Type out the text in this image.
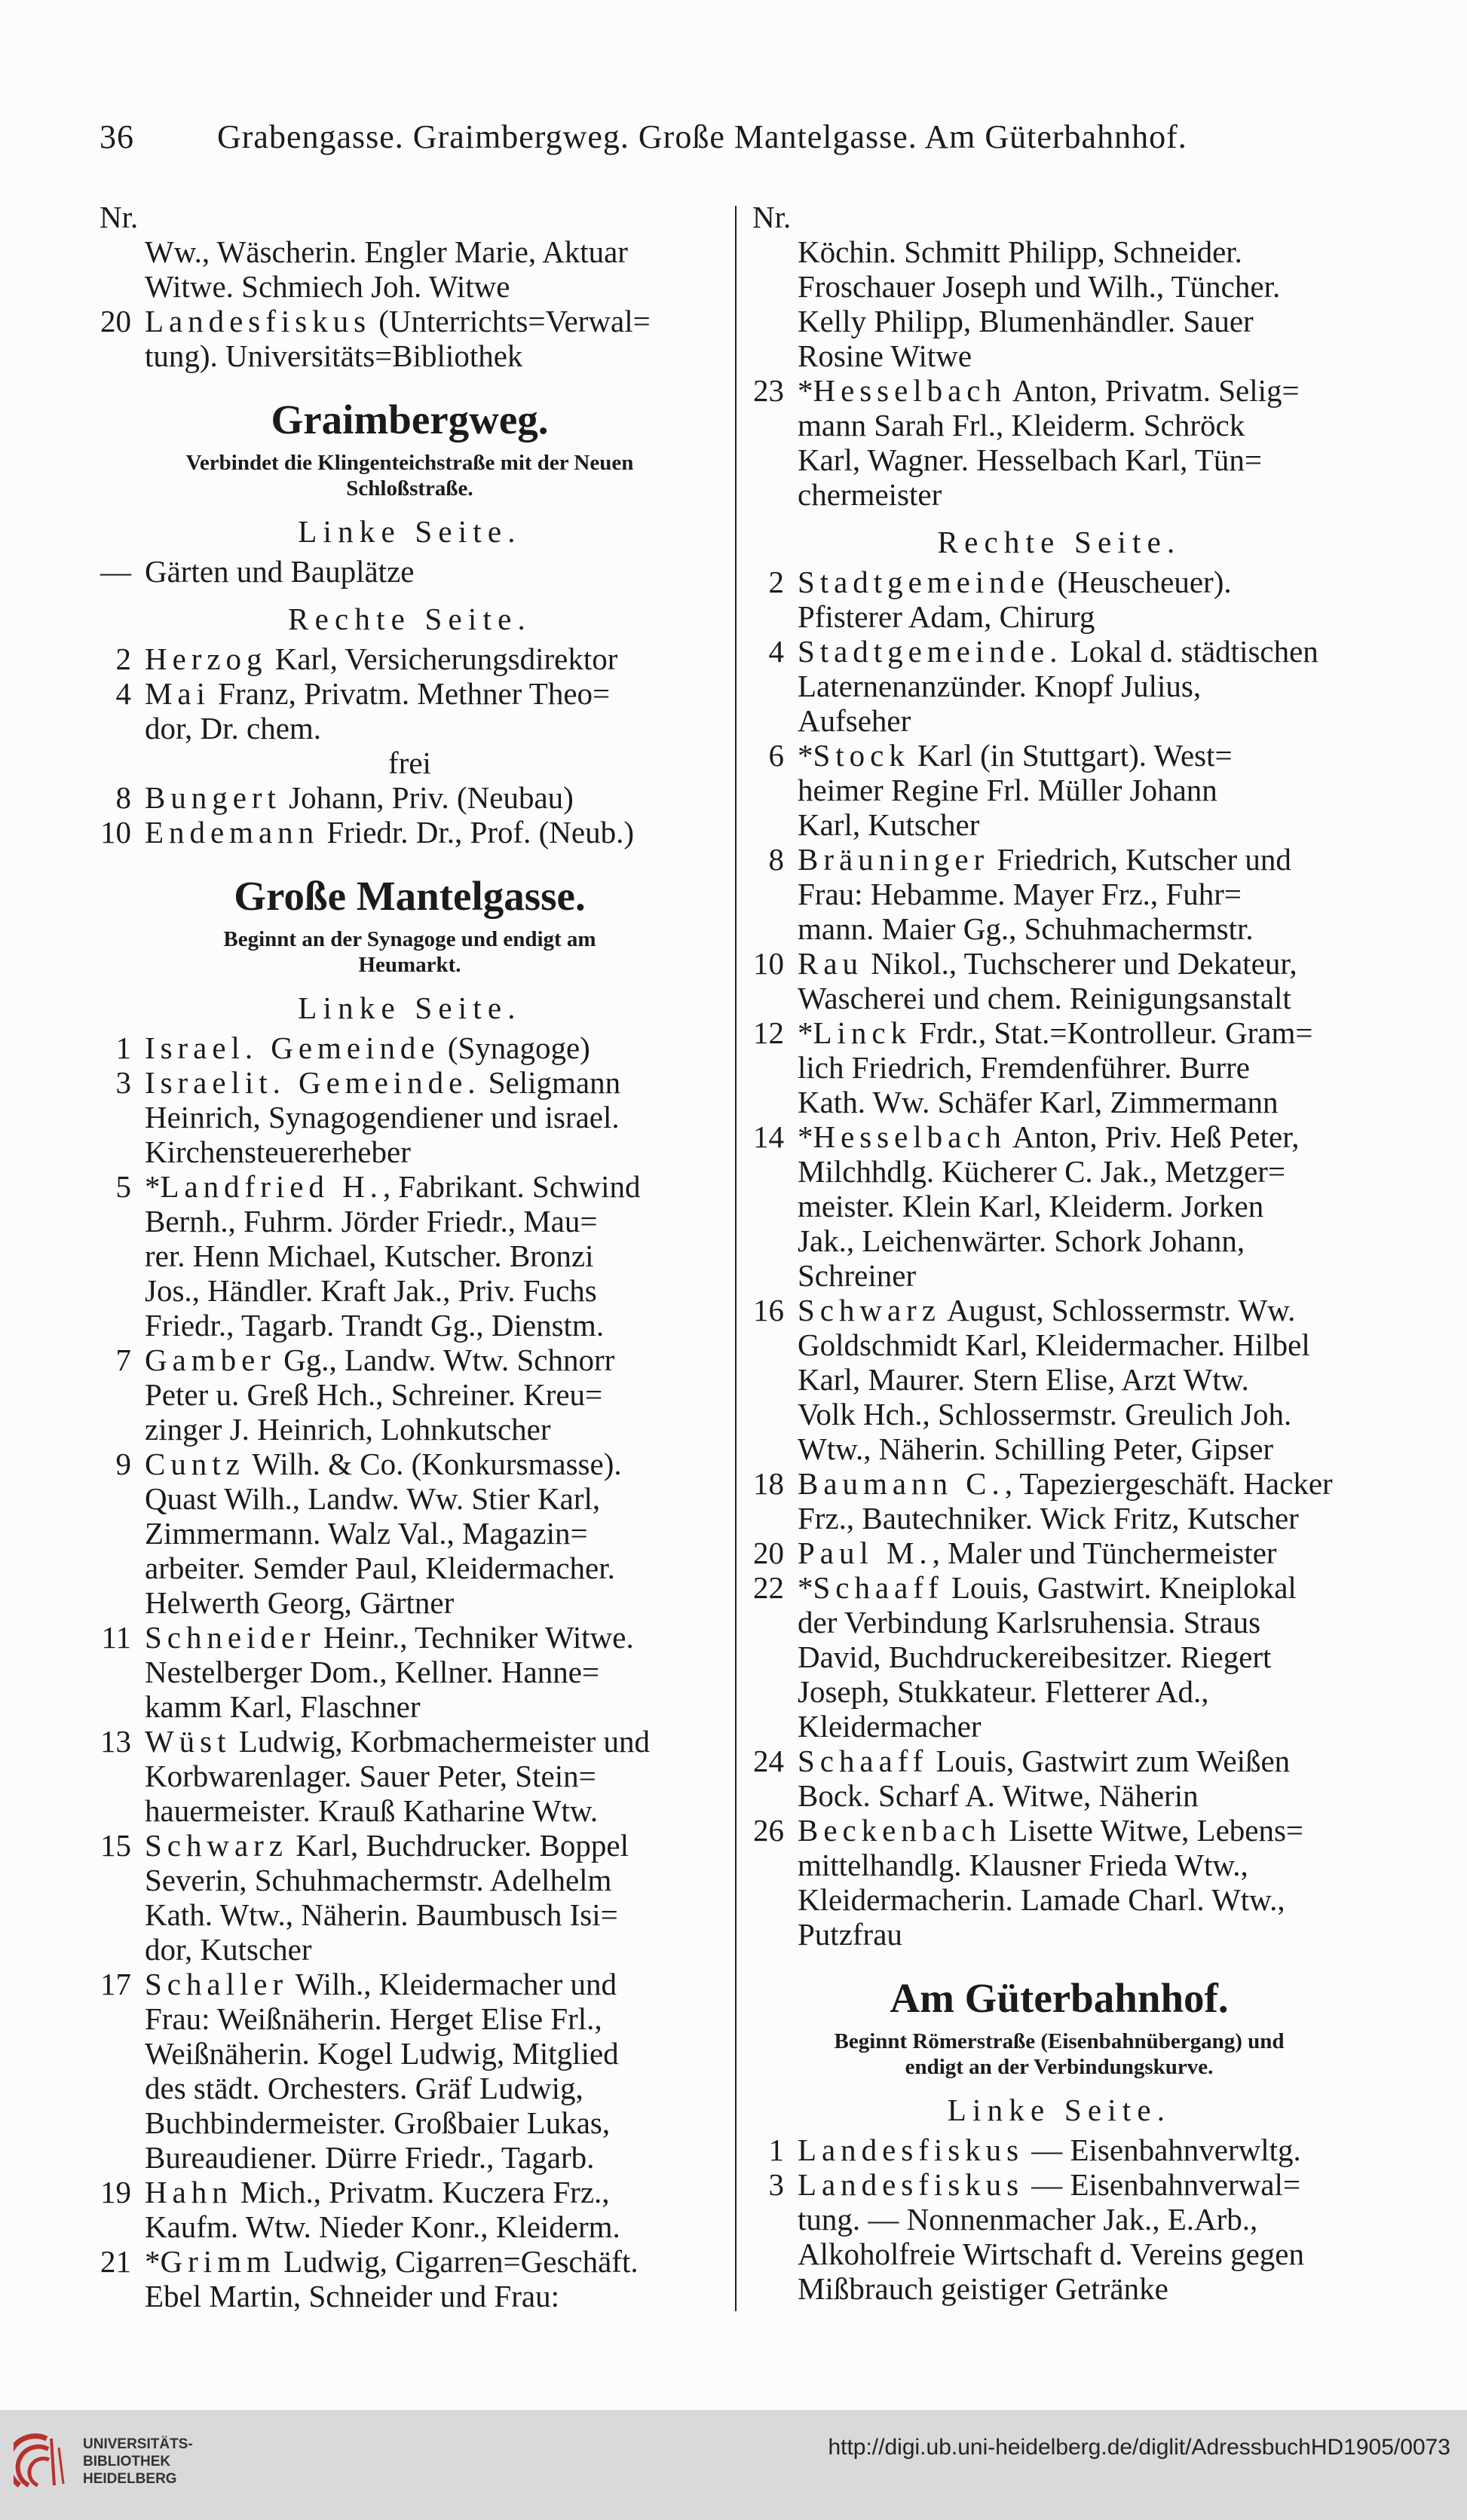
36	Grabengasse. Graimbergweg. Große Mantelgasse. Am Güterbahnhof.
Nr.
Ww., Wäscherin. Engler Marie, Aktuar
Witwe. Schmiech Joh. Witwe
20 Landesfiskus (Unterrichts=Verwal=
tung). Universitäts=Bibliothek
Graimbergweg.
Verbindet die Klingenteichstraße mit der Neuen
Schloßstraße.
Linke Seite.
— Gärten und Bauplätze
Rechte Seite.
2 Herzog Karl, Versicherungsdirektor
4 Mai Franz, Privatm. Methner Theo=
dor, Dr. chem.
frei
8 Bungert Johann, Priv. (Neubau)
10 Endemann Friedr. Dr., Prof. (Neub.)
Große Mantelgasse.
Beginnt an der Synagoge und endigt am
Heumarkt.
Linke Seite.
1 Israel. Gemeinde (Synagoge)
3 Israelit. Gemeinde. Seligmann
Heinrich, Synagogendiener und israel.
Kirchensteuererheber
5 *Landfried H., Fabrikant. Schwind
Bernh., Fuhrm. Jörder Friedr., Mau=
rer. Henn Michael, Kutscher. Bronzi
Jos., Händler. Kraft Jak., Priv. Fuchs
Friedr., Tagarb. Trandt Gg., Dienstm.
7 Gamber Gg., Landw. Wtw. Schnorr
Peter u. Greß Hch., Schreiner. Kreu=
zinger J. Heinrich, Lohnkutscher
9 Cuntz Wilh. & Co. (Konkursmasse).
Quast Wilh., Landw. Ww. Stier Karl,
Zimmermann. Walz Val., Magazin=
arbeiter. Semder Paul, Kleidermacher.
Helwerth Georg, Gärtner
11 Schneider Heinr., Techniker Witwe.
Nestelberger Dom., Kellner. Hanne=
kamm Karl, Flaschner
13 Wüst Ludwig, Korbmachermeister und
Korbwarenlager. Sauer Peter, Stein=
hauermeister. Krauß Katharine Wtw.
15 Schwarz Karl, Buchdrucker. Boppel
Severin, Schuhmachermstr. Adelhelm
Kath. Wtw., Näherin. Baumbusch Isi=
dor, Kutscher
17 Schaller Wilh., Kleidermacher und
Frau: Weißnäherin. Herget Elise Frl.,
Weißnäherin. Kogel Ludwig, Mitglied
des städt. Orchesters. Gräf Ludwig,
Buchbindermeister. Großbaier Lukas,
Bureaudiener. Dürre Friedr., Tagarb.
19 Hahn Mich., Privatm. Kuczera Frz.,
Kaufm. Wtw. Nieder Konr., Kleiderm.
21 *Grimm Ludwig, Cigarren=Geschäft.
Ebel Martin, Schneider und Frau:
Nr.
Köchin. Schmitt Philipp, Schneider.
Froschauer Joseph und Wilh., Tüncher.
Kelly Philipp, Blumenhändler. Sauer
Rosine Witwe
23 *Hesselbach Anton, Privatm. Selig=
mann Sarah Frl., Kleiderm. Schröck
Karl, Wagner. Hesselbach Karl, Tün=
chermeister
Rechte Seite.
2 Stadtgemeinde (Heuscheuer).
Pfisterer Adam, Chirurg
4 Stadtgemeinde. Lokal d. städtischen
Laternenanzünder. Knopf Julius,
Aufseher
6 *Stock Karl (in Stuttgart). West=
heimer Regine Frl. Müller Johann
Karl, Kutscher
8 Bräuninger Friedrich, Kutscher und
Frau: Hebamme. Mayer Frz., Fuhr=
mann. Maier Gg., Schuhmachermstr.
10 Rau Nikol., Tuchscherer und Dekateur,
Wascherei und chem. Reinigungsanstalt
12 *Linck Frdr., Stat.=Kontrolleur. Gram=
lich Friedrich, Fremdenführer. Burre
Kath. Ww. Schäfer Karl, Zimmermann
14 *Hesselbach Anton, Priv. Heß Peter,
Milchhdlg. Kücherer C. Jak., Metzger=
meister. Klein Karl, Kleiderm. Jorken
Jak., Leichenwärter. Schork Johann,
Schreiner
16 Schwarz August, Schlossermstr. Ww.
Goldschmidt Karl, Kleidermacher. Hilbel
Karl, Maurer. Stern Elise, Arzt Wtw.
Volk Hch., Schlossermstr. Greulich Joh.
Wtw., Näherin. Schilling Peter, Gipser
18 Baumann C., Tapeziergeschäft. Hacker
Frz., Bautechniker. Wick Fritz, Kutscher
20 Paul M., Maler und Tünchermeister
22 *Schaaff Louis, Gastwirt. Kneiplokal
der Verbindung Karlsruhensia. Straus
David, Buchdruckereibesitzer. Riegert
Joseph, Stukkateur. Fletterer Ad.,
Kleidermacher
24 Schaaff Louis, Gastwirt zum Weißen
Bock. Scharf A. Witwe, Näherin
26 Beckenbach Lisette Witwe, Lebens=
mittelhandlg. Klausner Frieda Wtw.,
Kleidermacherin. Lamade Charl. Wtw.,
Putzfrau
Am Güterbahnhof.
Beginnt Römerstraße (Eisenbahnübergang) und
endigt an der Verbindungskurve.
Linke Seite.
1 Landesfiskus — Eisenbahnverwltg.
3 Landesfiskus — Eisenbahnverwal=
tung. — Nonnenmacher Jak., E.Arb.,
Alkoholfreie Wirtschaft d. Vereins gegen
Mißbrauch geistiger Getränke
UNIVERSITÄTS-
BIBLIOTHEK
HEIDELBERG
http://digi.ub.uni-heidelberg.de/diglit/AdressbuchHD1905/0073
